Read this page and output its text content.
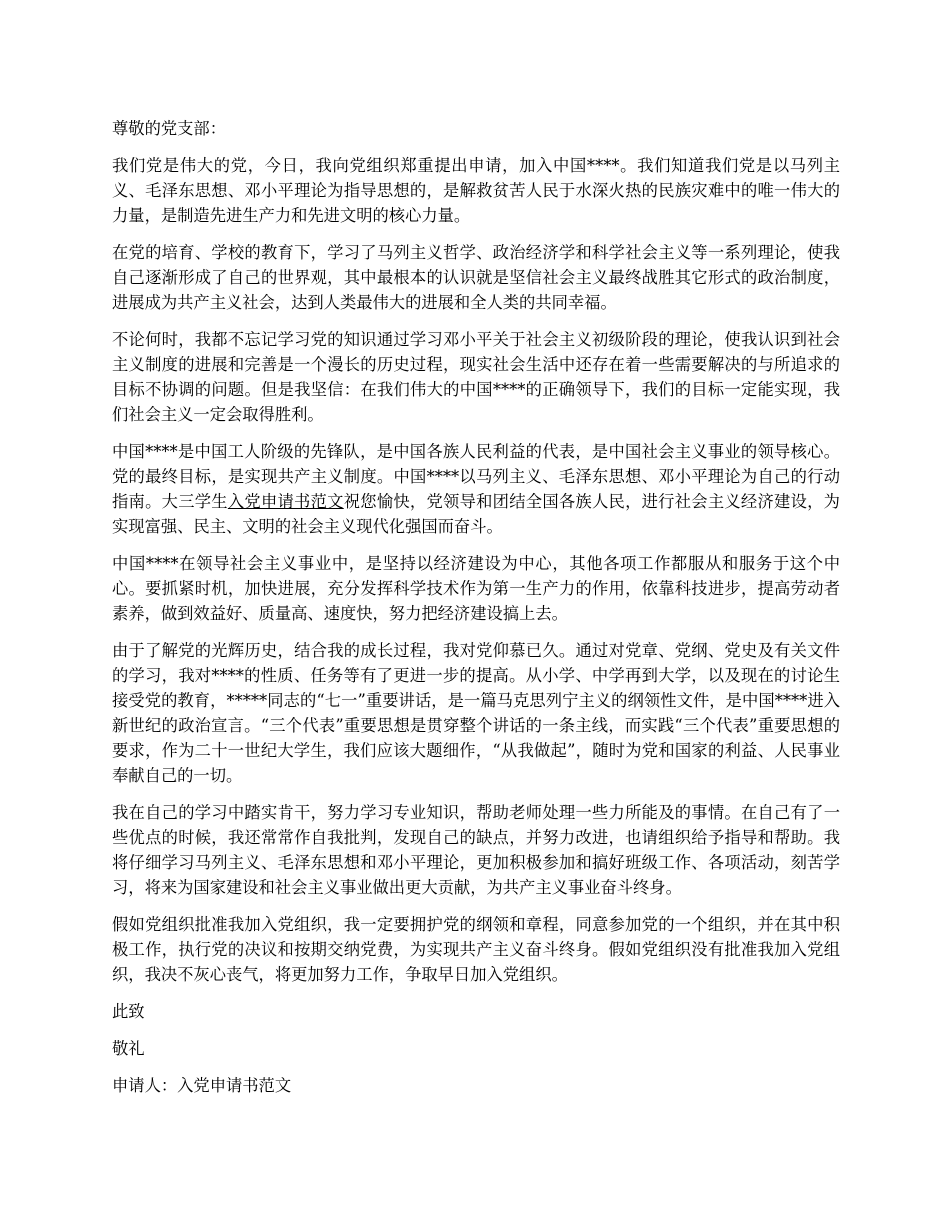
尊敬的党支部：

我们党是伟大的党，今日，我向党组织郑重提出申请，加入中国****。我们知道我们党是以马列主义、毛泽东思想、邓小平理论为指导思想的，是解救贫苦人民于水深火热的民族灾难中的唯一伟大的力量，是制造先进生产力和先进文明的核心力量。

在党的培育、学校的教育下，学习了马列主义哲学、政治经济学和科学社会主义等一系列理论，使我自己逐渐形成了自己的世界观，其中最根本的认识就是坚信社会主义最终战胜其它形式的政治制度，进展成为共产主义社会，达到人类最伟大的进展和全人类的共同幸福。

不论何时，我都不忘记学习党的知识通过学习邓小平关于社会主义初级阶段的理论，使我认识到社会主义制度的进展和完善是一个漫长的历史过程，现实社会生活中还存在着一些需要解决的与所追求的目标不协调的问题。但是我坚信：在我们伟大的中国****的正确领导下，我们的目标一定能实现，我们社会主义一定会取得胜利。

中国****是中国工人阶级的先锋队，是中国各族人民利益的代表，是中国社会主义事业的领导核心。党的最终目标，是实现共产主义制度。中国****以马列主义、毛泽东思想、邓小平理论为自己的行动指南。大三学生入党申请书范文祝您愉快，党领导和团结全国各族人民，进行社会主义经济建设，为实现富强、民主、文明的社会主义现代化强国而奋斗。

中国****在领导社会主义事业中，是坚持以经济建设为中心，其他各项工作都服从和服务于这个中心。要抓紧时机，加快进展，充分发挥科学技术作为第一生产力的作用，依靠科技进步，提高劳动者素养，做到效益好、质量高、速度快，努力把经济建设搞上去。

由于了解党的光辉历史，结合我的成长过程，我对党仰慕已久。通过对党章、党纲、党史及有关文件的学习，我对****的性质、任务等有了更进一步的提高。从小学、中学再到大学，以及现在的讨论生接受党的教育，*****同志的“七一”重要讲话，是一篇马克思列宁主义的纲领性文件，是中国****进入新世纪的政治宣言。“三个代表”重要思想是贯穿整个讲话的一条主线，而实践“三个代表”重要思想的要求，作为二十一世纪大学生，我们应该大题细作，“从我做起”，随时为党和国家的利益、人民事业奉献自己的一切。

我在自己的学习中踏实肯干，努力学习专业知识，帮助老师处理一些力所能及的事情。在自己有了一些优点的时候，我还常常作自我批判，发现自己的缺点，并努力改进，也请组织给予指导和帮助。我将仔细学习马列主义、毛泽东思想和邓小平理论，更加积极参加和搞好班级工作、各项活动，刻苦学习，将来为国家建设和社会主义事业做出更大贡献，为共产主义事业奋斗终身。

假如党组织批准我加入党组织，我一定要拥护党的纲领和章程，同意参加党的一个组织，并在其中积极工作，执行党的决议和按期交纳党费，为实现共产主义奋斗终身。假如党组织没有批准我加入党组织，我决不灰心丧气，将更加努力工作，争取早日加入党组织。

此致

敬礼

申请人：入党申请书范文
